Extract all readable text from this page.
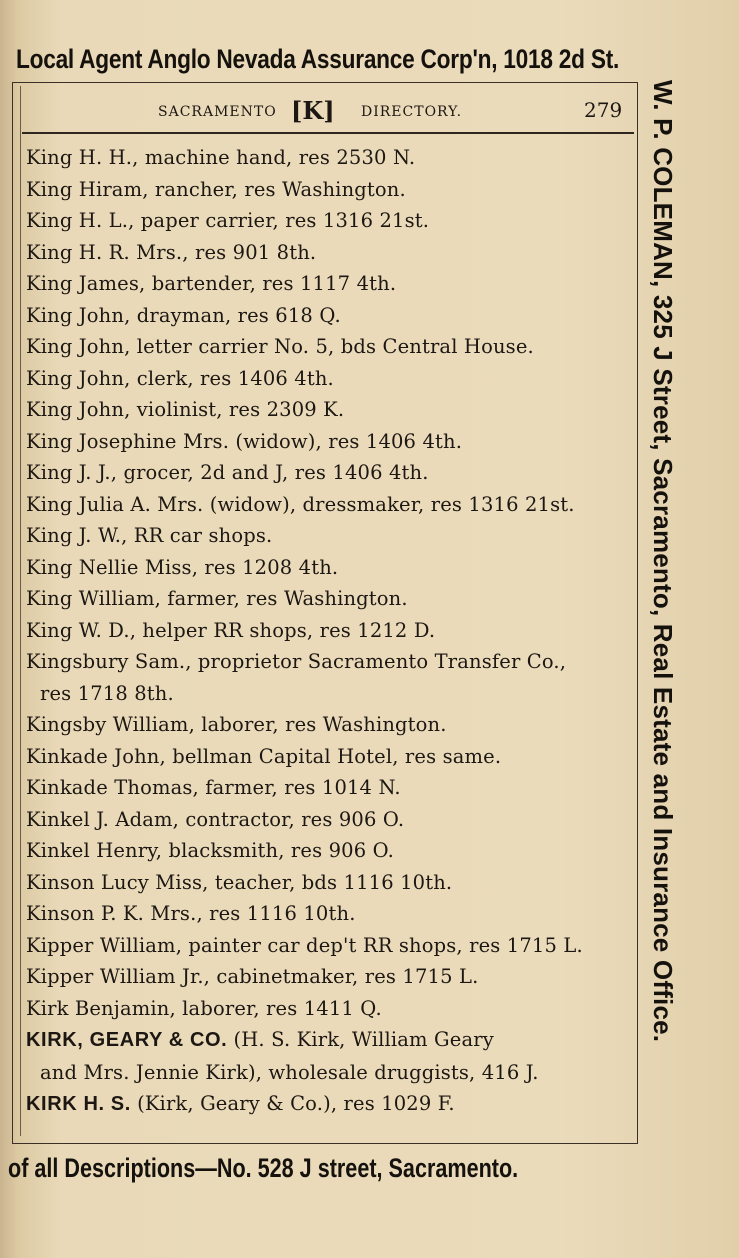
Local Agent Anglo Nevada Assurance Corp'n, 1018 2d St.
SACRAMENTO [K] DIRECTORY.	279
King H. H., machine hand, res 2530 N.
King Hiram, rancher, res Washington.
King H. L., paper carrier, res 1316 21st.
King H. R. Mrs., res 901 8th.
King James, bartender, res 1117 4th.
King John, drayman, res 618 Q.
King John, letter carrier No. 5, bds Central House.
King John, clerk, res 1406 4th.
King John, violinist, res 2309 K.
King Josephine Mrs. (widow), res 1406 4th.
King J. J., grocer, 2d and J, res 1406 4th.
King Julia A. Mrs. (widow), dressmaker, res 1316 21st.
King J. W., RR car shops.
King Nellie Miss, res 1208 4th.
King William, farmer, res Washington.
King W. D., helper RR shops, res 1212 D.
Kingsbury Sam., proprietor Sacramento Transfer Co.,
res 1718 8th.
Kingsby William, laborer, res Washington.
Kinkade John, bellman Capital Hotel, res same.
Kinkade Thomas, farmer, res 1014 N.
Kinkel J. Adam, contractor, res 906 O.
Kinkel Henry, blacksmith, res 906 O.
Kinson Lucy Miss, teacher, bds 1116 10th.
Kinson P. K. Mrs., res 1116 10th.
Kipper William, painter car dep't RR shops, res 1715 L.
Kipper William Jr., cabinetmaker, res 1715 L.
Kirk Benjamin, laborer, res 1411 Q.
KIRK, GEARY & CO. (H. S. Kirk, William Geary
and Mrs. Jennie Kirk), wholesale druggists, 416 J.
KIRK H. S. (Kirk, Geary & Co.), res 1029 F.
W. P. COLEMAN, 325 J Street, Sacramento, Real Estate and Insurance Office.
of all Descriptions—No. 528 J street, Sacramento.
